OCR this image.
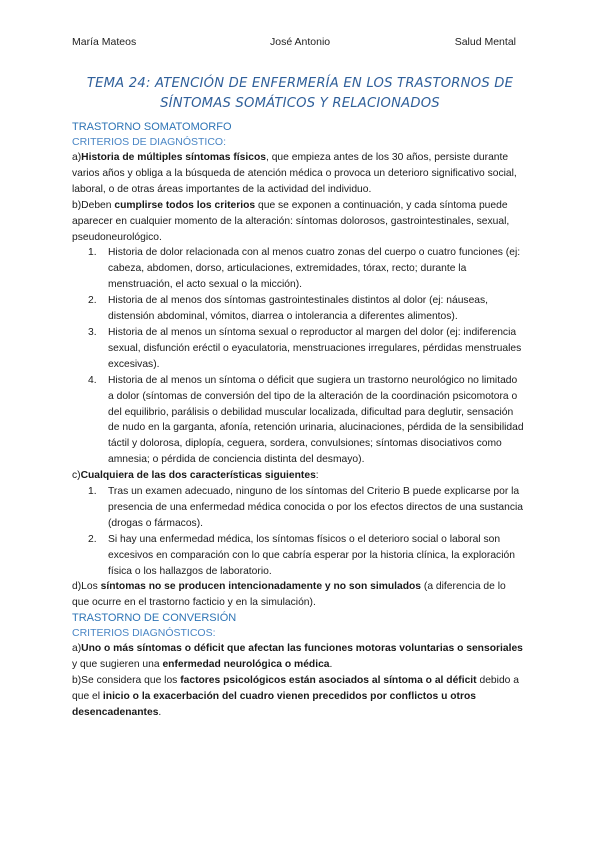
María Mateos	José Antonio	Salud Mental
TEMA 24: ATENCIÓN DE ENFERMERÍA EN LOS TRASTORNOS DE
SÍNTOMAS SOMÁTICOS Y RELACIONADOS
TRASTORNO SOMATOMORFO
CRITERIOS DE DIAGNÓSTICO:

a)Historia de múltiples síntomas físicos, que empieza antes de los 30 años, persiste durante varios años y obliga a la búsqueda de atención médica o provoca un deterioro significativo social, laboral, o de otras áreas importantes de la actividad del individuo.

b)Deben cumplirse todos los criterios que se exponen a continuación, y cada síntoma puede aparecer en cualquier momento de la alteración: síntomas dolorosos, gastrointestinales, sexual, pseudoneurológico.

1. Historia de dolor relacionada con al menos cuatro zonas del cuerpo o cuatro funciones (ej: cabeza, abdomen, dorso, articulaciones, extremidades, tórax, recto; durante la menstruación, el acto sexual o la micción).
2. Historia de al menos dos síntomas gastrointestinales distintos al dolor (ej: náuseas, distensión abdominal, vómitos, diarrea o intolerancia a diferentes alimentos).
3. Historia de al menos un síntoma sexual o reproductor al margen del dolor (ej: indiferencia sexual, disfunción eréctil o eyaculatoria, menstruaciones irregulares, pérdidas menstruales excesivas).
4. Historia de al menos un síntoma o déficit que sugiera un trastorno neurológico no limitado a dolor (síntomas de conversión del tipo de la alteración de la coordinación psicomotora o del equilibrio, parálisis o debilidad muscular localizada, dificultad para deglutir, sensación de nudo en la garganta, afonía, retención urinaria, alucinaciones, pérdida de la sensibilidad táctil y dolorosa, diplopía, ceguera, sordera, convulsiones; síntomas disociativos como amnesia; o pérdida de conciencia distinta del desmayo).

c)Cualquiera de las dos características siguientes:

1. Tras un examen adecuado, ninguno de los síntomas del Criterio B puede explicarse por la presencia de una enfermedad médica conocida o por los efectos directos de una sustancia (drogas o fármacos).
2. Si hay una enfermedad médica, los síntomas físicos o el deterioro social o laboral son excesivos en comparación con lo que cabría esperar por la historia clínica, la exploración física o los hallazgos de laboratorio.

d)Los síntomas no se producen intencionadamente y no son simulados (a diferencia de lo que ocurre en el trastorno facticio y en la simulación).

TRASTORNO DE CONVERSIÓN
CRITERIOS DIAGNÓSTICOS:

a)Uno o más síntomas o déficit que afectan las funciones motoras voluntarias o sensoriales y que sugieren una enfermedad neurológica o médica.

b)Se considera que los factores psicológicos están asociados al síntoma o al déficit debido a que el inicio o la exacerbación del cuadro vienen precedidos por conflictos u otros desencadenantes.
